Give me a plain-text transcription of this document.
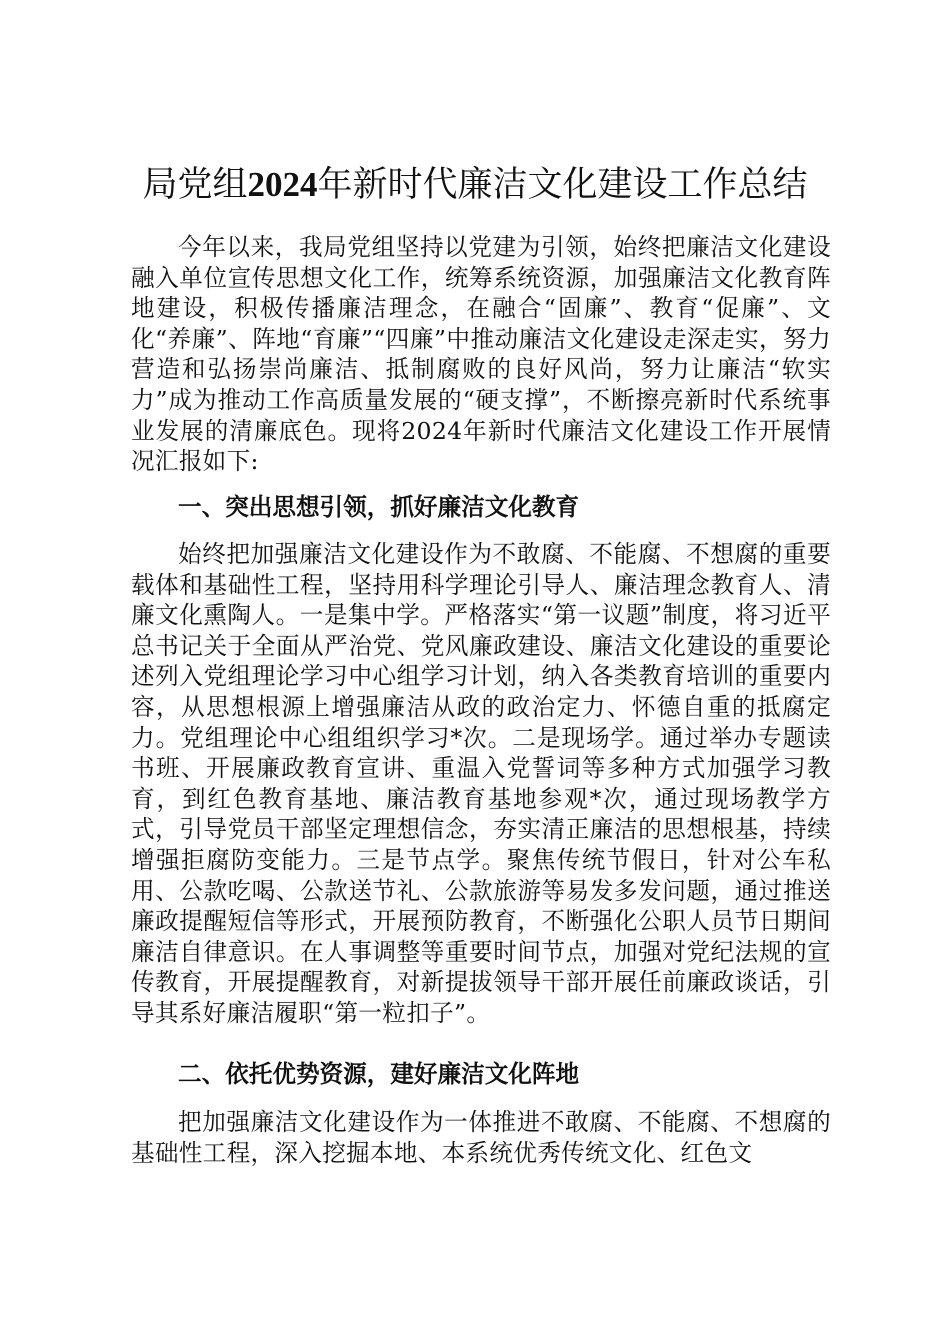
局党组2024年新时代廉洁文化建设工作总结

今年以来，我局党组坚持以党建为引领，始终把廉洁文化建设融入单位宣传思想文化工作，统筹系统资源，加强廉洁文化教育阵地建设，积极传播廉洁理念，在融合“固廉”、教育“促廉”、文化“养廉”、阵地“育廉”“四廉”中推动廉洁文化建设走深走实，努力营造和弘扬崇尚廉洁、抵制腐败的良好风尚，努力让廉洁“软实力”成为推动工作高质量发展的“硬支撑”，不断擦亮新时代系统事业发展的清廉底色。现将2024年新时代廉洁文化建设工作开展情况汇报如下:

一、突出思想引领，抓好廉洁文化教育

始终把加强廉洁文化建设作为不敢腐、不能腐、不想腐的重要载体和基础性工程，坚持用科学理论引导人、廉洁理念教育人、清廉文化熏陶人。一是集中学。严格落实“第一议题”制度，将习近平总书记关于全面从严治党、党风廉政建设、廉洁文化建设的重要论述列入党组理论学习中心组学习计划，纳入各类教育培训的重要内容，从思想根源上增强廉洁从政的政治定力、怀德自重的抵腐定力。党组理论中心组组织学习*次。二是现场学。通过举办专题读书班、开展廉政教育宣讲、重温入党誓词等多种方式加强学习教育，到红色教育基地、廉洁教育基地参观*次，通过现场教学方式，引导党员干部坚定理想信念，夯实清正廉洁的思想根基，持续增强拒腐防变能力。三是节点学。聚焦传统节假日，针对公车私用、公款吃喝、公款送节礼、公款旅游等易发多发问题，通过推送廉政提醒短信等形式，开展预防教育，不断强化公职人员节日期间廉洁自律意识。在人事调整等重要时间节点，加强对党纪法规的宣传教育，开展提醒教育，对新提拔领导干部开展任前廉政谈话，引导其系好廉洁履职“第一粒扣子”。

二、依托优势资源，建好廉洁文化阵地

把加强廉洁文化建设作为一体推进不敢腐、不能腐、不想腐的基础性工程，深入挖掘本地、本系统优秀传统文化、红色文
